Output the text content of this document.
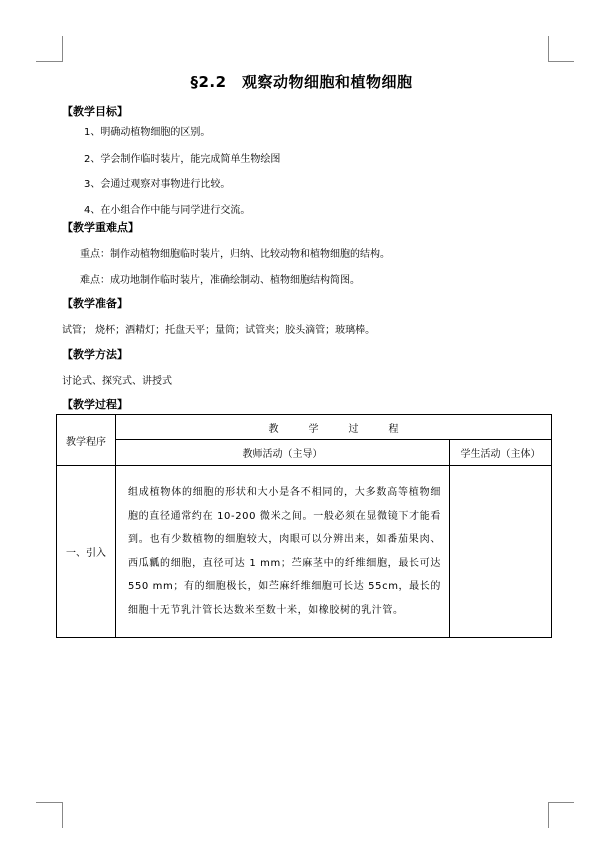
§2.2　观察动物细胞和植物细胞
【教学目标】
1、明确动植物细胞的区别。
2、学会制作临时装片，能完成简单生物绘图
3、会通过观察对事物进行比较。
4、在小组合作中能与同学进行交流。
【教学重难点】
重点：制作动植物细胞临时装片，归纳、比较动物和植物细胞的结构。
难点：成功地制作临时装片，准确绘制动、植物细胞结构简图。
【教学准备】
试管； 烧杯；酒精灯；托盘天平；量筒；试管夹；胶头滴管；玻璃棒。
【教学方法】
讨论式、探究式、讲授式
【教学过程】
教学程序	教　　　学　　　过　　　程	
	教师活动（主导）	学生活动（主体）
一、引入	组成植物体的细胞的形状和大小是各不相同的，大多数高等植物细胞的直径通常约在 10-200 微米之间。一般必须在显微镜下才能看到。也有少数植物的细胞较大，肉眼可以分辨出来，如番茄果肉、西瓜瓤的细胞，直径可达 1 mm；苎麻茎中的纤维细胞，最长可达 550 mm；有的细胞极长，如苎麻纤维细胞可长达 55cm，最长的细胞十无节乳汁管长达数米至数十米，如橡胶树的乳汁管。	
